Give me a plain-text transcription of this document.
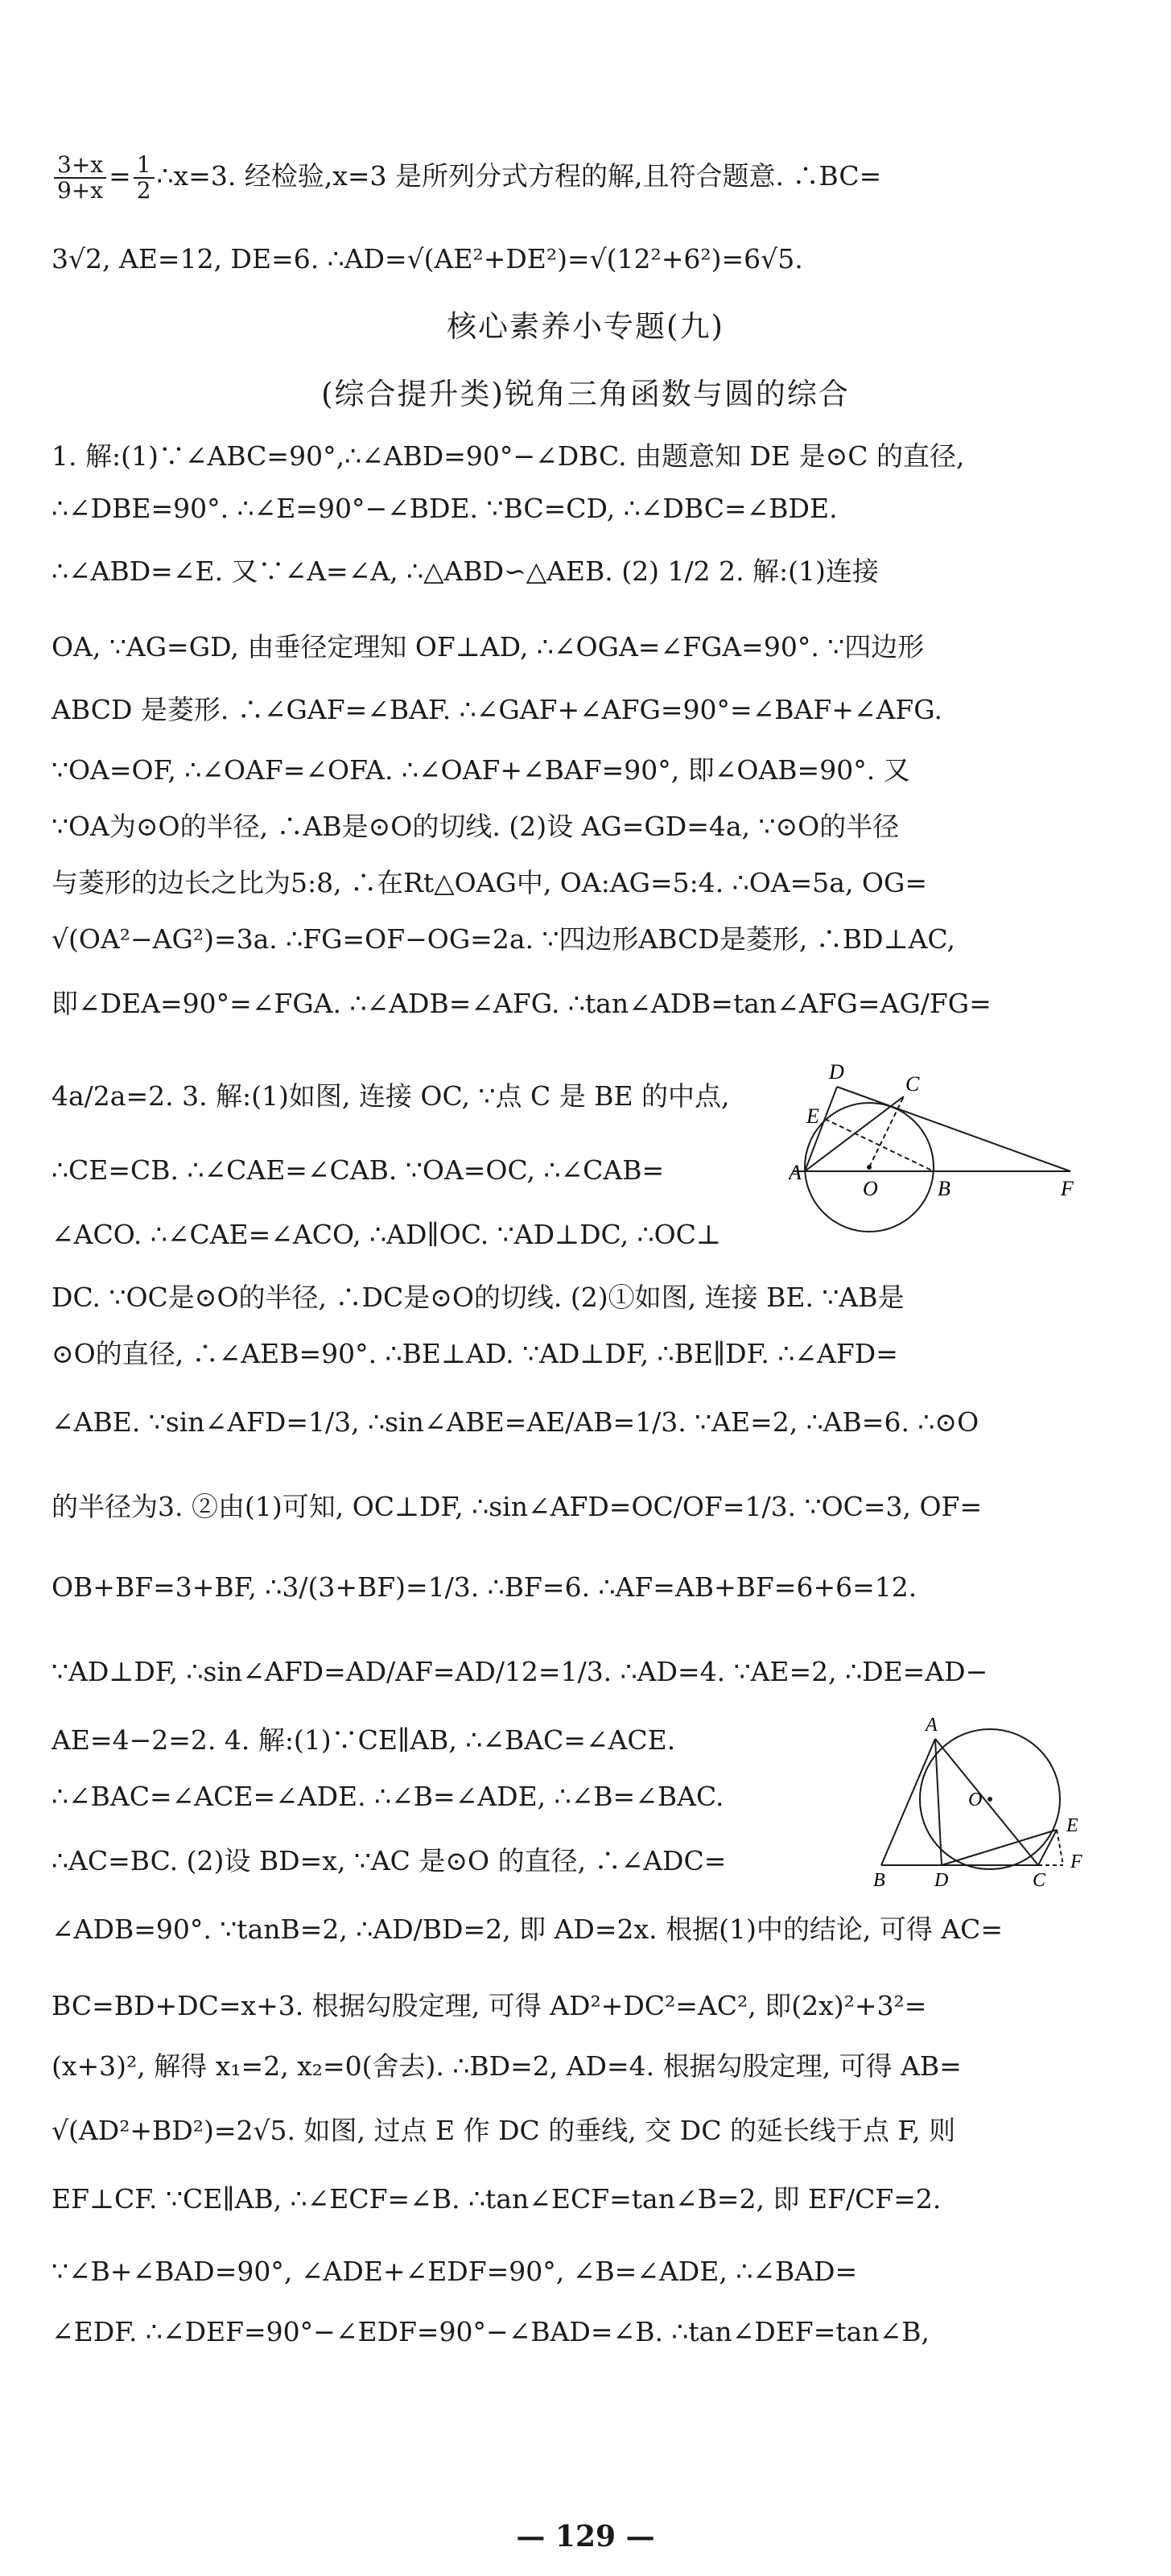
$\frac{3+x}{9+x} = \frac{1}{2}$ ∴x=3. 经检验,x=3 是所列分式方程的解,且符合题意. ∴BC=
3√2, AE=12, DE=6. ∴AD=√(AE²+DE²)=√(12²+6²)=6√5.
核心素养小专题(九)
(综合提升类)锐角三角函数与圆的综合
1. 解:(1)∵∠ABC=90°,∴∠ABD=90°−∠DBC. 由题意知 DE 是⊙C 的直径,
∴∠DBE=90°. ∴∠E=90°−∠BDE. ∵BC=CD, ∴∠DBC=∠BDE.
∴∠ABD=∠E. 又∵∠A=∠A, ∴△ABD∽△AEB. (2) 1/2 2. 解:(1)连接
OA, ∵AG=GD, 由垂径定理知 OF⊥AD, ∴∠OGA=∠FGA=90°. ∵四边形
ABCD 是菱形. ∴∠GAF=∠BAF. ∴∠GAF+∠AFG=90°=∠BAF+∠AFG.
∵OA=OF, ∴∠OAF=∠OFA. ∴∠OAF+∠BAF=90°, 即∠OAB=90°. 又
∵OA为⊙O的半径, ∴AB是⊙O的切线. (2)设 AG=GD=4a, ∵⊙O的半径
与菱形的边长之比为5:8, ∴在Rt△OAG中, OA:AG=5:4. ∴OA=5a, OG=
√(OA²−AG²)=3a. ∴FG=OF−OG=2a. ∵四边形ABCD是菱形, ∴BD⊥AC,
即∠DEA=90°=∠FGA. ∴∠ADB=∠AFG. ∴tan∠ADB=tan∠AFG=AG/FG=
4a/2a=2. 3. 解:(1)如图, 连接 OC, ∵点 C 是 BE 的中点,
∴CE=CB. ∴∠CAE=∠CAB. ∵OA=OC, ∴∠CAB=
∠ACO. ∴∠CAE=∠ACO, ∴AD∥OC. ∵AD⊥DC, ∴OC⊥
DC. ∵OC是⊙O的半径, ∴DC是⊙O的切线. (2)①如图, 连接 BE. ∵AB是
⊙O的直径, ∴∠AEB=90°. ∴BE⊥AD. ∵AD⊥DF, ∴BE∥DF. ∴∠AFD=
∠ABE. ∵sin∠AFD=1/3, ∴sin∠ABE=AE/AB=1/3. ∵AE=2, ∴AB=6. ∴⊙O
的半径为3. ②由(1)可知, OC⊥DF, ∴sin∠AFD=OC/OF=1/3. ∵OC=3, OF=
OB+BF=3+BF, ∴3/(3+BF)=1/3. ∴BF=6. ∴AF=AB+BF=6+6=12.
∵AD⊥DF, ∴sin∠AFD=AD/AF=AD/12=1/3. ∴AD=4. ∵AE=2, ∴DE=AD−
AE=4−2=2. 4. 解:(1)∵CE∥AB, ∴∠BAC=∠ACE.
∴∠BAC=∠ACE=∠ADE. ∴∠B=∠ADE, ∴∠B=∠BAC.
∴AC=BC. (2)设 BD=x, ∵AC 是⊙O 的直径, ∴∠ADC=
∠ADB=90°. ∵tanB=2, ∴AD/BD=2, 即 AD=2x. 根据(1)中的结论, 可得 AC=
BC=BD+DC=x+3. 根据勾股定理, 可得 AD²+DC²=AC², 即(2x)²+3²=
(x+3)², 解得 x₁=2, x₂=0(舍去). ∴BD=2, AD=4. 根据勾股定理, 可得 AB=
√(AD²+BD²)=2√5. 如图, 过点 E 作 DC 的垂线, 交 DC 的延长线于点 F, 则
EF⊥CF. ∵CE∥AB, ∴∠ECF=∠B. ∴tan∠ECF=tan∠B=2, 即 EF/CF=2.
∵∠B+∠BAD=90°, ∠ADE+∠EDF=90°, ∠B=∠ADE, ∴∠BAD=
∠EDF. ∴∠DEF=90°−∠EDF=90°−∠BAD=∠B. ∴tan∠DEF=tan∠B,
D
C
E
A
O	B	F
A
O
E
F
B	D	C
— 129 —
